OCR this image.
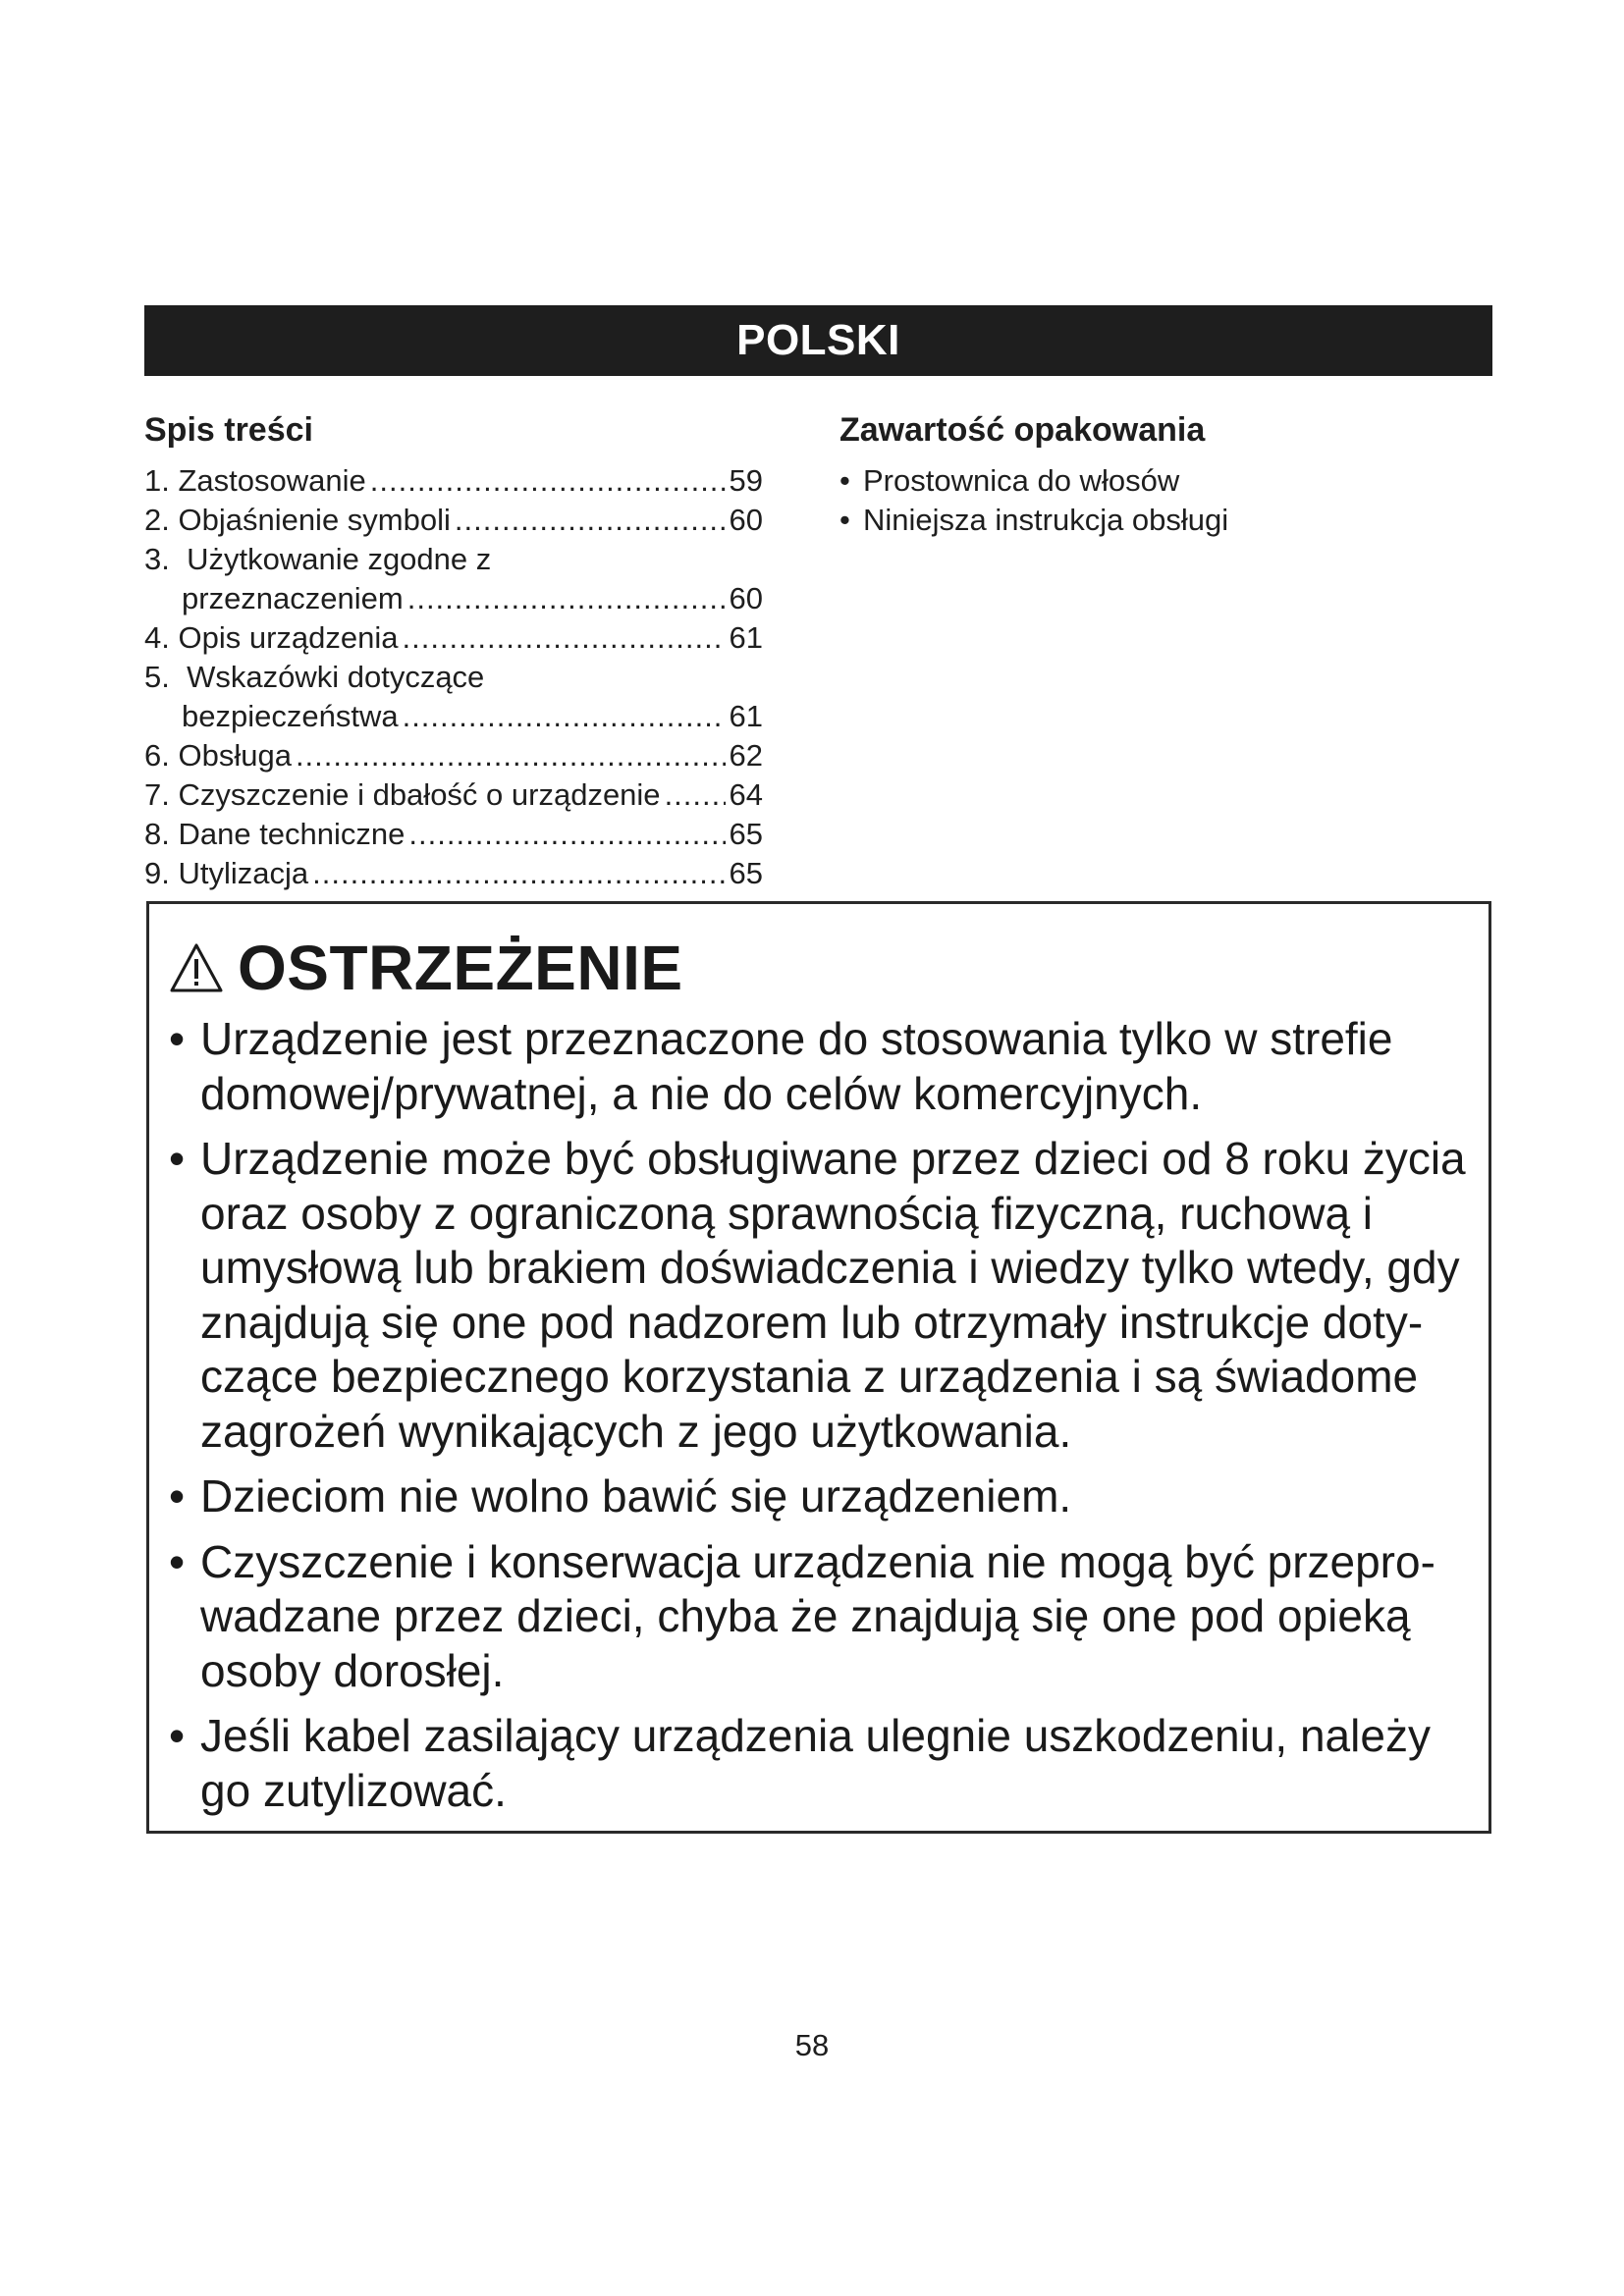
POLSKI
Spis treści
1. Zastosowanie .....	59
2. Objaśnienie symboli .....	60
3. Użytkowanie zgodne z
przeznaczeniem .....	60
4. Opis urządzenia .....	61
5. Wskazówki dotyczące
bezpieczeństwa .....	61
6. Obsługa .....	62
7. Czyszczenie i dbałość o urządzenie ..... 64
8. Dane techniczne .....	65
9. Utylizacja .....	65
Zawartość opakowania
• Prostownica do włosów
• Niniejsza instrukcja obsługi
OSTRZEŻENIE
• Urządzenie jest przeznaczone do stosowania tylko w strefie domowej/prywatnej, a nie do celów komercyjnych.
• Urządzenie może być obsługiwane przez dzieci od 8 roku życia oraz osoby z ograniczoną sprawnością fizyczną, ruchową i umysłową lub brakiem doświadczenia i wiedzy tylko wtedy, gdy znajdują się one pod nadzorem lub otrzymały instrukcje doty-czące bezpiecznego korzystania z urządzenia i są świadome zagrożeń wynikających z jego użytkowania.
• Dzieciom nie wolno bawić się urządzeniem.
• Czyszczenie i konserwacja urządzenia nie mogą być przepro-wadzane przez dzieci, chyba że znajdują się one pod opieką osoby dorosłej.
• Jeśli kabel zasilający urządzenia ulegnie uszkodzeniu, należy go zutylizować.
58
